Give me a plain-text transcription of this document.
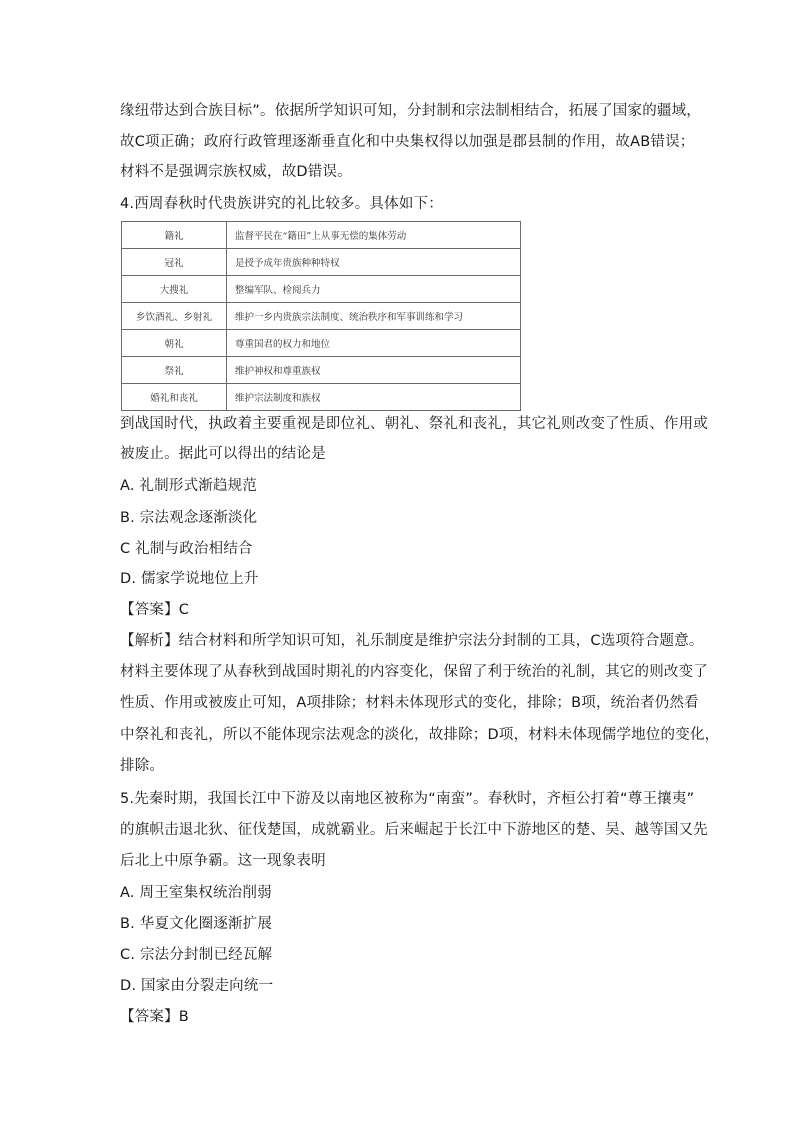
缘纽带达到合族目标”。依据所学知识可知，分封制和宗法制相结合，拓展了国家的疆域，
故C项正确；政府行政管理逐渐垂直化和中央集权得以加强是郡县制的作用，故AB错误；
材料不是强调宗族权威，故D错误。
4.西周春秋时代贵族讲究的礼比较多。具体如下：
籍礼	监督平民在“籍田”上从事无偿的集体劳动
冠礼	是授予成年贵族种种特权
大搜礼	整编军队、检阅兵力
乡饮酒礼、乡射礼	维护一乡内贵族宗法制度、统治秩序和军事训练和学习
朝礼	尊重国君的权力和地位
祭礼	维护神权和尊重族权
婚礼和丧礼	维护宗法制度和族权
到战国时代，执政着主要重视是即位礼、朝礼、祭礼和丧礼，其它礼则改变了性质、作用或
被废止。据此可以得出的结论是
A. 礼制形式渐趋规范
B. 宗法观念逐渐淡化
C 礼制与政治相结合
D. 儒家学说地位上升
【答案】C
【解析】结合材料和所学知识可知，礼乐制度是维护宗法分封制的工具，C选项符合题意。
材料主要体现了从春秋到战国时期礼的内容变化，保留了利于统治的礼制，其它的则改变了
性质、作用或被废止可知，A项排除；材料未体现形式的变化，排除；B项，统治者仍然看
中祭礼和丧礼，所以不能体现宗法观念的淡化，故排除；D项，材料未体现儒学地位的变化，
排除。
5.先秦时期，我国长江中下游及以南地区被称为“南蛮”。春秋时，齐桓公打着“尊王攘夷”
的旗帜击退北狄、征伐楚国，成就霸业。后来崛起于长江中下游地区的楚、吴、越等国又先
后北上中原争霸。这一现象表明
A. 周王室集权统治削弱
B. 华夏文化圈逐渐扩展
C. 宗法分封制已经瓦解
D. 国家由分裂走向统一
【答案】B
